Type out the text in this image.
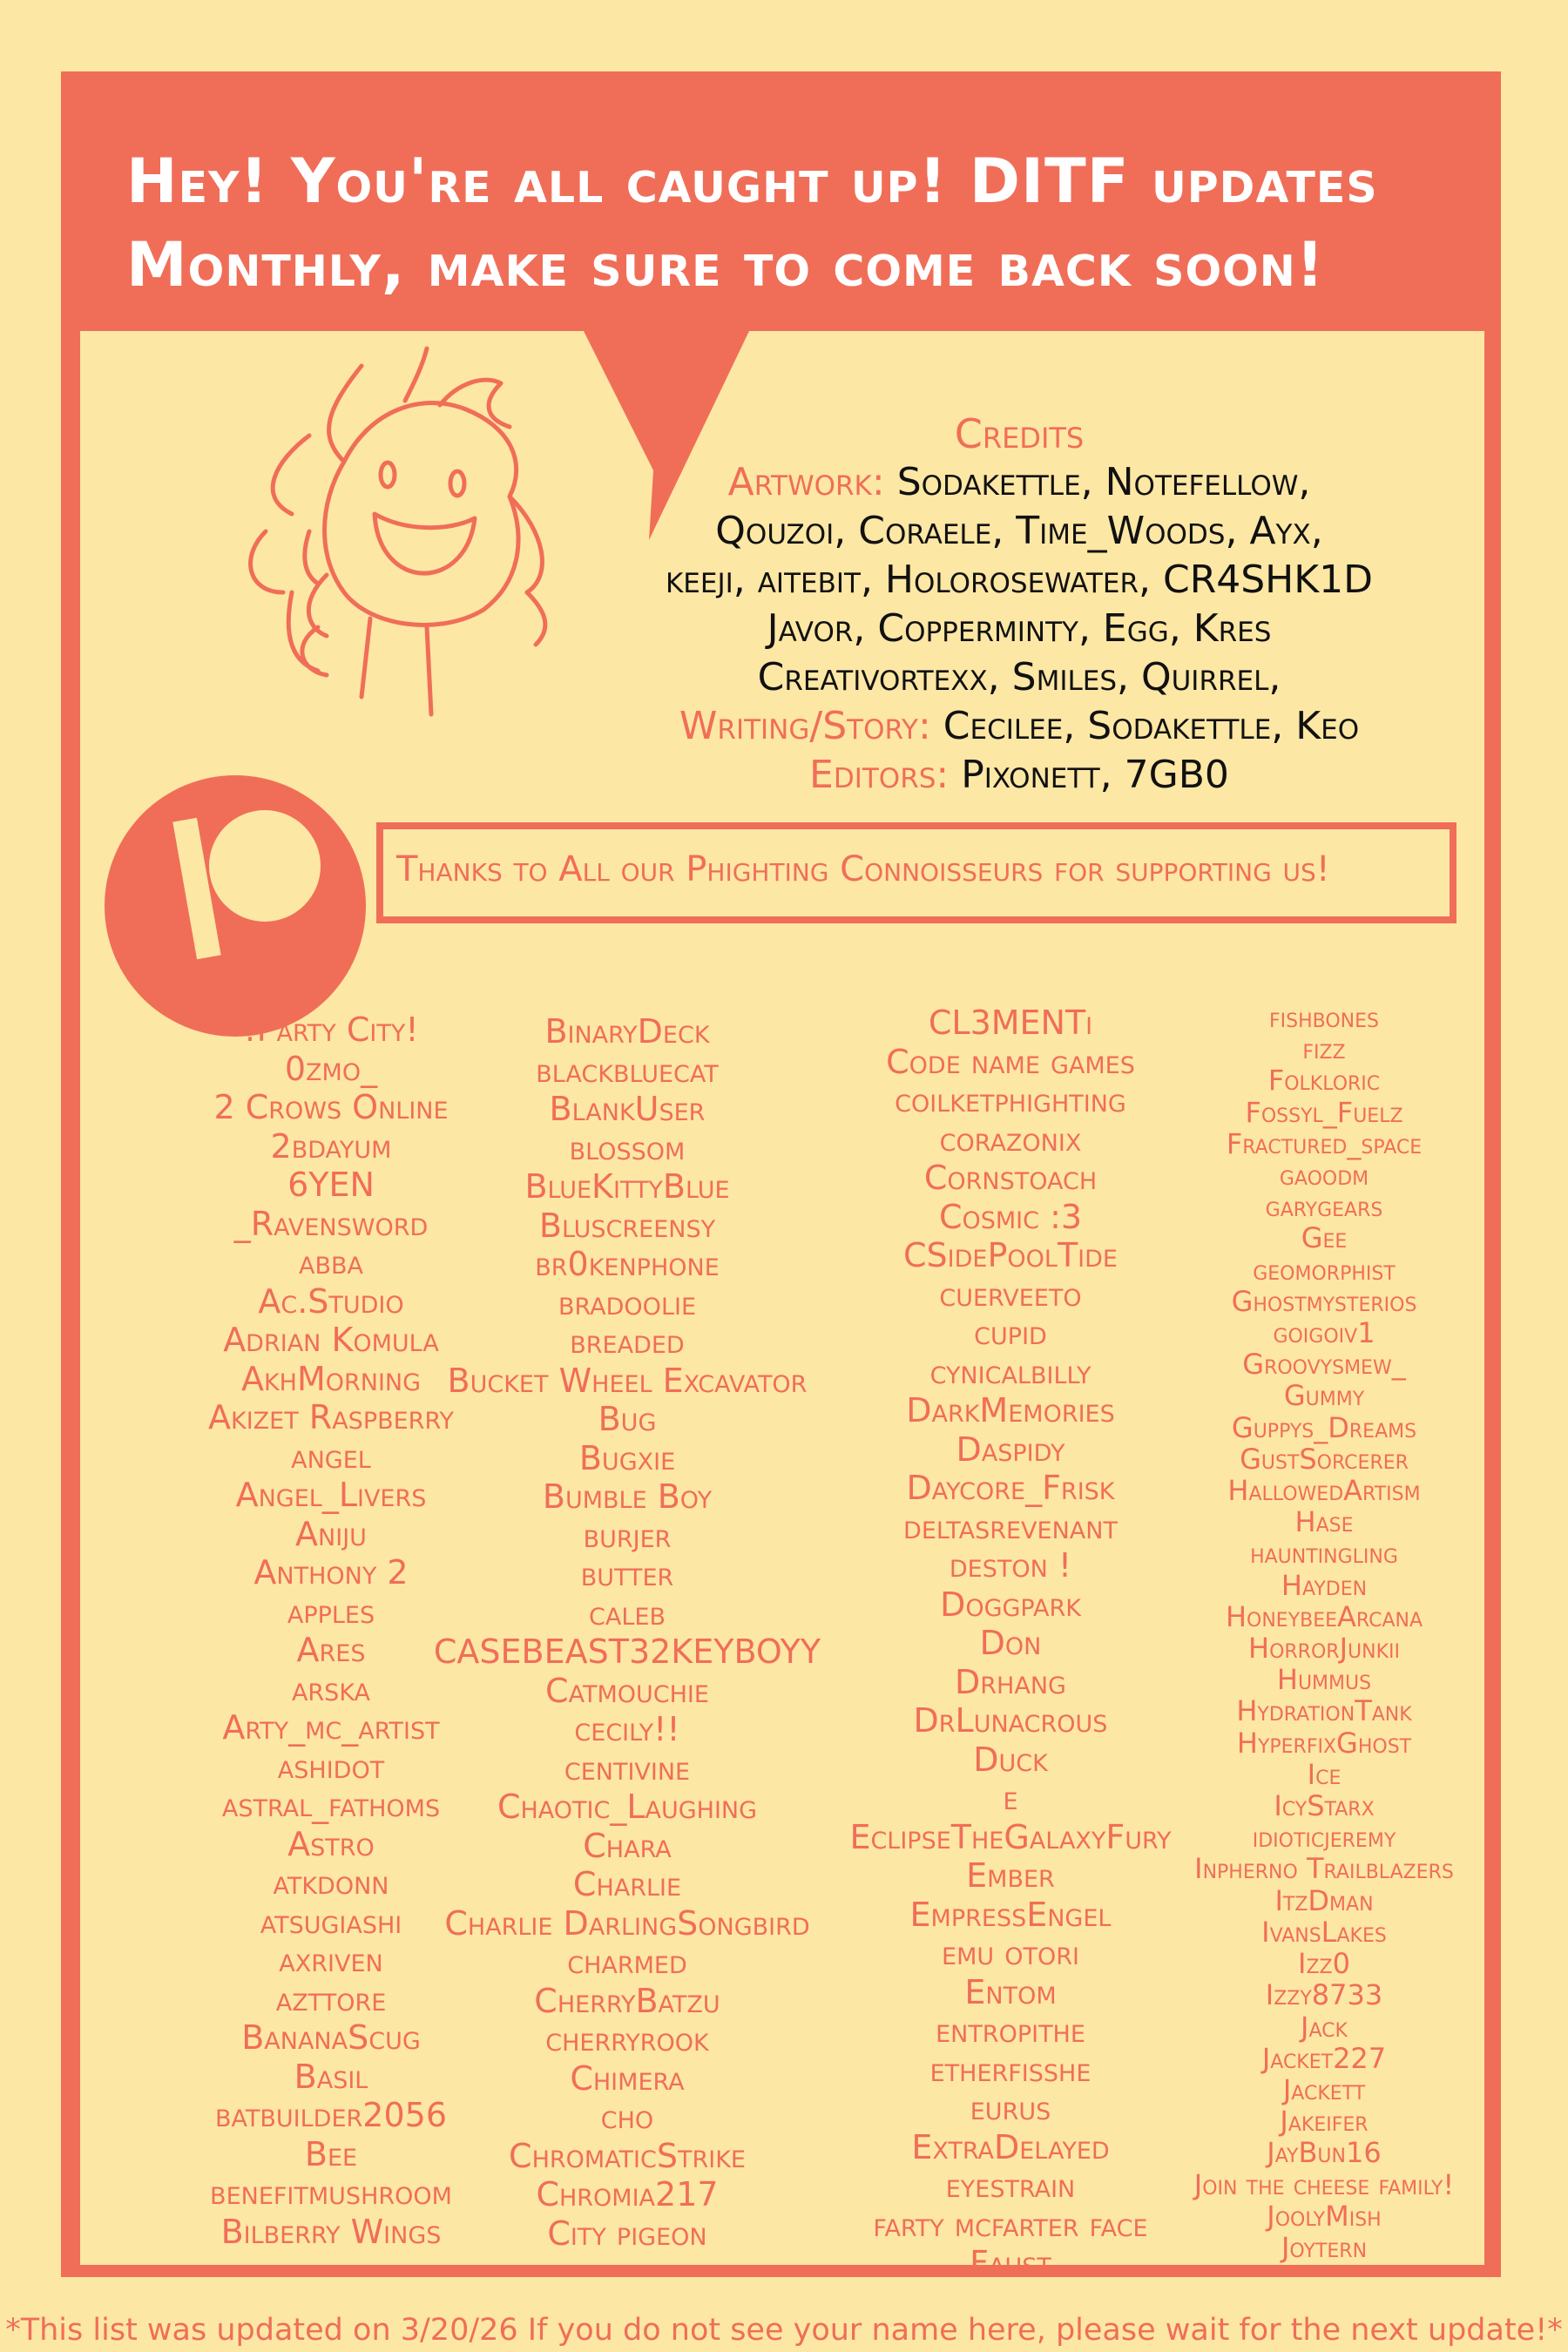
Hey! You're all caught up! DITF updates
Monthly, make sure to come back soon!
Credits
Artwork: Sodakettle, Notefellow,
Qouzoi, Coraele, Time_Woods, Ayx,
keeji, aitebit, Holorosewater, CR4SHK1D
Javor, Copperminty, Egg, Kres
Creativortexx, Smiles, Quirrel,
Writing/Story: Cecilee, Sodakettle, Keo
Editors: Pixonett, 7GB0
Thanks to All our Phighting Connoisseurs for supporting us!
!Party City!
0zmo_
2 Crows Online
2bdayum
6YEN
_Ravensword
abba
Ac.Studio
Adrian Komula
AkhMorning
Akizet Raspberry
angel
Angel_Livers
Aniju
Anthony 2
apples
Ares
arska
Arty_mc_artist
ashidot
astral_fathoms
Astro
atkdonn
atsugiashi
axriven
azttore
BananaScug
Basil
batbuilder2056
Bee
benefitmushroom
Bilberry Wings
BinaryDeck
blackbluecat
BlankUser
blossom
BlueKittyBlue
Bluscreensy
br0kenphone
bradoolie
breaded
Bucket Wheel Excavator
Bug
Bugxie
Bumble Boy
burjer
butter
caleb
CASEBEAST32KEYBOYY
Catmouchie
cecily!!
centivine
Chaotic_Laughing
Chara
Charlie
Charlie DarlingSongbird
charmed
CherryBatzu
cherryrook
Chimera
cho
ChromaticStrike
Chromia217
City pigeon
CL3MENTi
Code name games
coilketphighting
corazonix
Cornstoach
Cosmic :3
CSidePoolTide
cuerveeto
cupid
cynicalbilly
DarkMemories
Daspidy
Daycore_Frisk
deltasrevenant
deston !
Doggpark
Don
Drhang
DrLunacrous
Duck
e
EclipseTheGalaxyFury
Ember
EmpressEngel
emu otori
Entom
entropithe
etherfisshe
eurus
ExtraDelayed
eyestrain
farty mcfarter face
Faust
fishbones
fizz
Folkloric
Fossyl_Fuelz
Fractured_space
gaoodm
garygears
Gee
geomorphist
Ghostmysterios
goigoiv1
Groovysmew_
Gummy
Guppys_Dreams
GustSorcerer
HallowedArtism
Hase
hauntingling
Hayden
HoneybeeArcana
HorrorJunkii
Hummus
HydrationTank
HyperfixGhost
Ice
IcyStarx
idioticjeremy
Inpherno Trailblazers
ItzDman
IvansLakes
Izz0
Izzy8733
Jack
Jacket227
Jackett
Jakeifer
JayBun16
Join the cheese family!
JoolyMish
Joytern
*This list was updated on 3/20/26 If you do not see your name here, please wait for the next update!*
